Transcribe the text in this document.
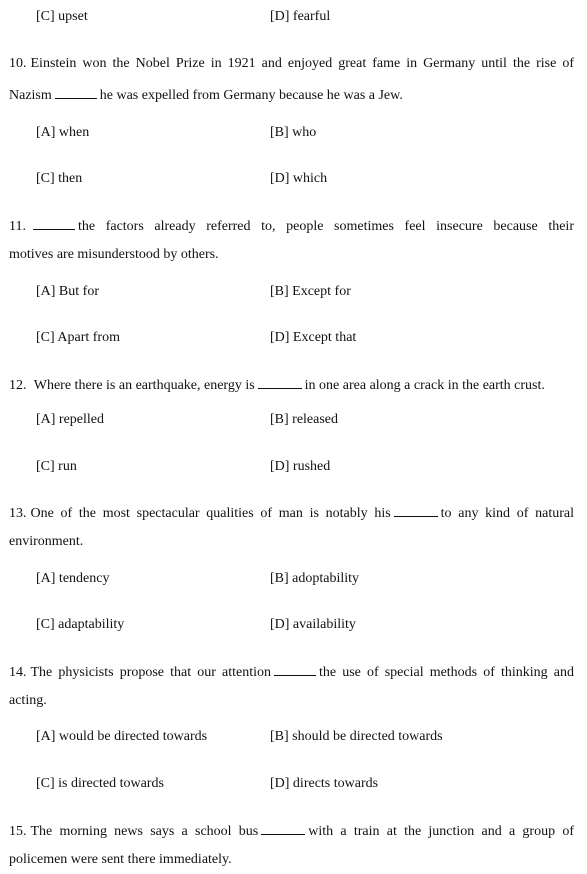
[C] upset	[D] fearful
10. Einstein won the Nobel Prize in 1921 and enjoyed great fame in Germany until the rise of
Nazism	he was expelled from Germany because he was a Jew.
[A] when	[B] who
[C] then	[D] which
11.	the factors already referred to, people sometimes feel insecure because their
motives are misunderstood by others.
[A] But for	[B] Except for
[C] Apart from	[D] Except that
12. Where there is an earthquake, energy is	in one area along a crack in the earth crust.
[A] repelled	[B] released
[C] run	[D] rushed
13. One of the most spectacular qualities of man is notably his	to any kind of natural
environment.
[A] tendency	[B] adoptability
[C] adaptability	[D] availability
14. The physicists propose that our attention	the use of special methods of thinking and
acting.
[A] would be directed towards	[B] should be directed towards
[C] is directed towards	[D] directs towards
15. The morning news says a school bus	with a train at the junction and a group of
policemen were sent there immediately.
